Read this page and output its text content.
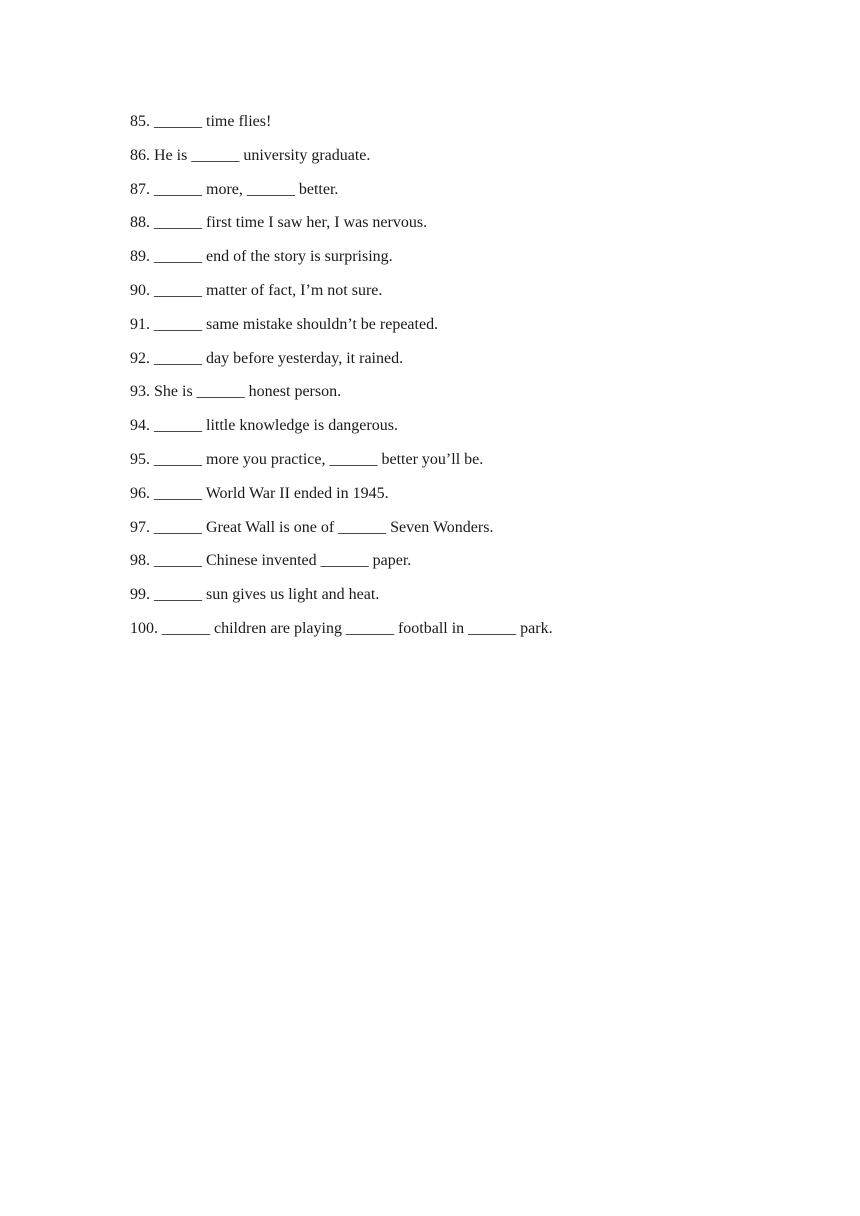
85. ______ time flies!
86. He is ______ university graduate.
87. ______ more, ______ better.
88. ______ first time I saw her, I was nervous.
89. ______ end of the story is surprising.
90. ______ matter of fact, I’m not sure.
91. ______ same mistake shouldn’t be repeated.
92. ______ day before yesterday, it rained.
93. She is ______ honest person.
94. ______ little knowledge is dangerous.
95. ______ more you practice, ______ better you’ll be.
96. ______ World War II ended in 1945.
97. ______ Great Wall is one of ______ Seven Wonders.
98. ______ Chinese invented ______ paper.
99. ______ sun gives us light and heat.
100. ______ children are playing ______ football in ______ park.
